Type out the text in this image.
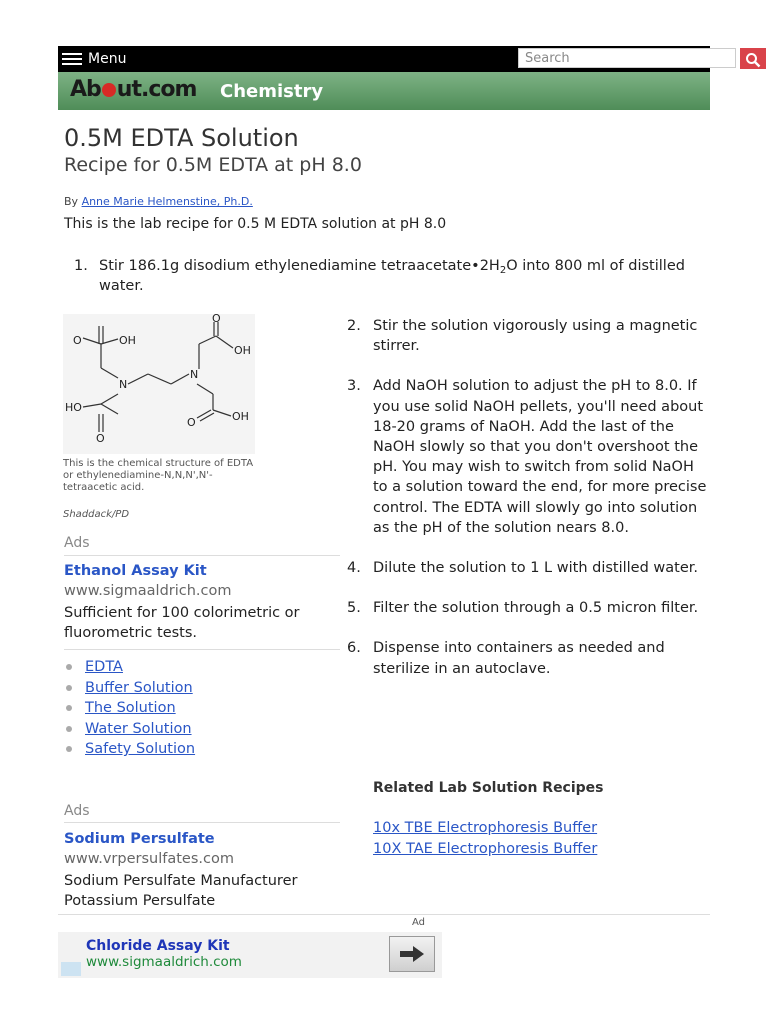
Menu
Search
Ab ut.com Chemistry
0.5M EDTA Solution
Recipe for 0.5M EDTA at pH 8.0
By Anne Marie Helmenstine, Ph.D.
This is the lab recipe for 0.5 M EDTA solution at pH 8.0
1. Stir 186.1g disodium ethylenediamine $tetraacetate•2H_2O$ into 800 ml of distilled water.
N
N
O	OH
HO
O
O
OH
OH
O
This is the chemical structure of EDTA or ethylenediamine-N,N,N',N'-tetraacetic acid.
Shaddack/PD
Ads
Ethanol Assay Kit
www.sigmaaldrich.com
Sufficient for 100 colorimetric or fluorometric tests.
EDTA
Buffer Solution
The Solution
Water Solution
Safety Solution
Ads
Sodium Persulfate
www.vrpersulfates.com
Sodium Persulfate Manufacturer Potassium Persulfate
2. Stir the solution vigorously using a magnetic stirrer.
3. Add NaOH solution to adjust the pH to 8.0. If you use solid NaOH pellets, you'll need about 18-20 grams of NaOH. Add the last of the NaOH slowly so that you don't overshoot the pH. You may wish to switch from solid NaOH to a solution toward the end, for more precise control. The EDTA will slowly go into solution as the pH of the solution nears 8.0.
4. Dilute the solution to 1 L with distilled water.
5. Filter the solution through a 0.5 micron filter.
6. Dispense into containers as needed and sterilize in an autoclave.
Related Lab Solution Recipes
10x TBE Electrophoresis Buffer
10X TAE Electrophoresis Buffer
Ad
Chloride Assay Kit
www.sigmaaldrich.com
